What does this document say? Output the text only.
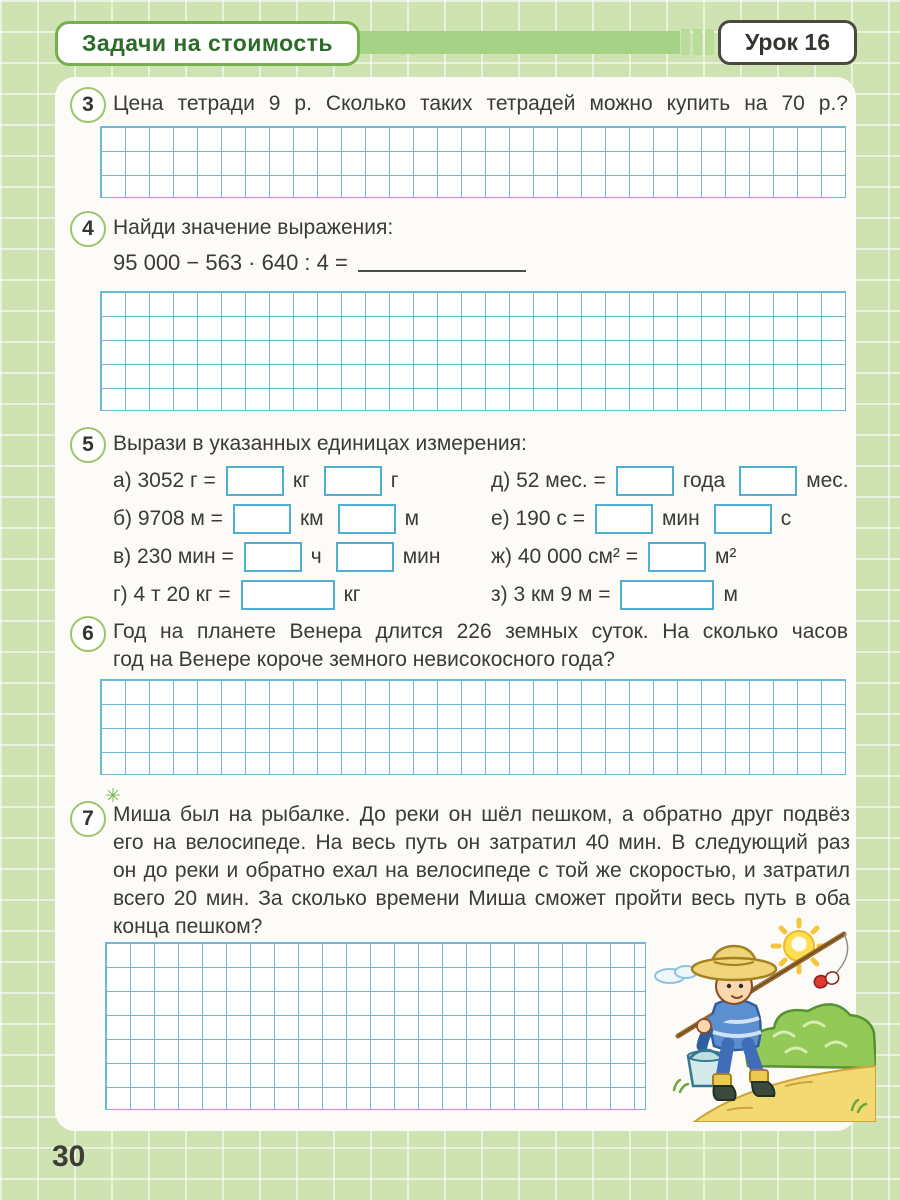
Задачи на стоимость	Урок 16
3 Цена тетради 9 р. Сколько таких тетрадей можно купить на 70 р.?
4 Найди значение выражения:
95 000 − 563 · 640 : 4 =
5 Вырази в указанных единицах измерения:
а) 3052 г =	кг	г
б) 9708 м =	км	м
в) 230 мин =	ч	мин
г) 4 т 20 кг =	кг
д) 52 мес. =	года	мес.
е) 190 с =	мин	с
ж) 40 000 см² =	м²
з) 3 км 9 м =	м
6 Год на планете Венера длится 226 земных суток. На сколько часов
год на Венере короче земного невисокосного года?
7
✳
Миша был на рыбалке. До реки он шёл пешком, а обратно друг подвёз
его на велосипеде. На весь путь он затратил 40 мин. В следующий раз
он до реки и обратно ехал на велосипеде с той же скоростью, и затратил
всего 20 мин. За сколько времени Миша сможет пройти весь путь в оба
конца пешком?
30
